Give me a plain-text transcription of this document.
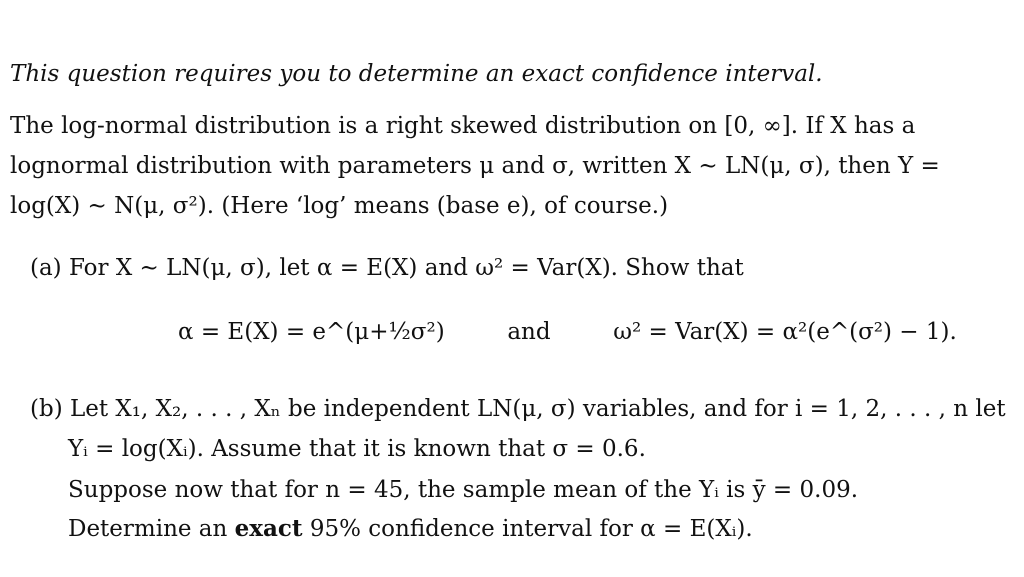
This question requires you to determine an exact confidence interval.
The log-normal distribution is a right skewed distribution on [0, ∞]. If X has a
lognormal distribution with parameters μ and σ, written X ∼ LN(μ, σ), then Y =
log(X) ∼ N(μ, σ²). (Here ‘log’ means (base e), of course.)
(a) For X ∼ LN(μ, σ), let α = E(X) and ω² = Var(X). Show that
α = E(X) = e^(μ+½σ²)	and	ω² = Var(X) = α²(e^(σ²) − 1).
(b) Let X₁, X₂, . . . , Xₙ be independent LN(μ, σ) variables, and for i = 1, 2, . . . , n let
Yᵢ = log(Xᵢ). Assume that it is known that σ = 0.6.
Suppose now that for n = 45, the sample mean of the Yᵢ is ȳ = 0.09.
Determine an exact 95% confidence interval for α = E(Xᵢ).
